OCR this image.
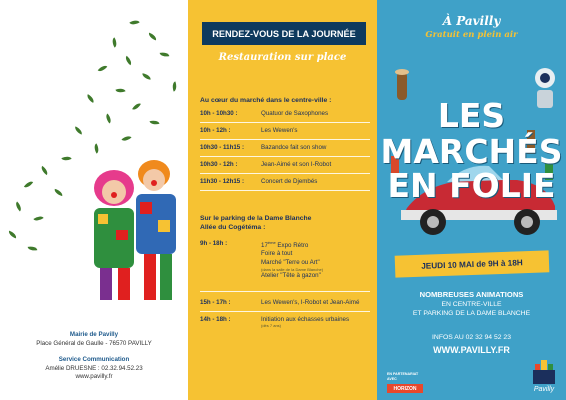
Mairie de Pavilly
Place Général de Gaulle - 76570 PAVILLY
Service Communication
Amélie DRUESNE : 02.32.94.52.23
www.pavilly.fr
RENDEZ-VOUS DE LA JOURNÉE
Restauration sur place
Au cœur du marché dans le centre-ville :
10h - 10h30 :	Quatuor de Saxophones
10h - 12h :	Les Wewen's
10h30 - 11h15 :	Bazandce fait son show
10h30 - 12h :	Jean-Aimé et son I-Robot
11h30 - 12h15 :	Concert de Djembés
Sur le parking de la Dame Blanche
Allée du Cogétéma :
9h - 18h :	17ème Expo Rétro
Foire à tout
Marché "Terre ou Art"
(dans la salle de la Dame Blanche)
Atelier "Tête à gazon"
15h - 17h :	Les Wewen's, I-Robot et Jean-Aimé
14h - 18h :	Initiation aux échasses urbaines
(dès 7 ans)
À Pavilly
Gratuit en plein air
LES
MARCHÉS
EN FOLIE
JEUDI 10 MAI de 9H à 18H
NOMBREUSES ANIMATIONS
EN CENTRE-VILLE
ET PARKING DE LA DAME BLANCHE
INFOS AU 02 32 94 52 23
WWW.PAVILLY.FR
EN PARTENARIAT
AVEC
HORIZON	Pavilly
